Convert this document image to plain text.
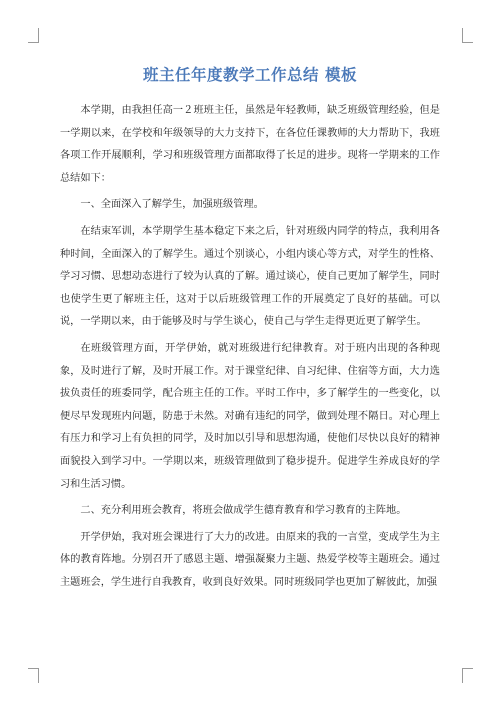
班主任年度教学工作总结 模板

本学期，由我担任高一２班班主任，虽然是年轻教师，缺乏班级管理经验，但是一学期以来，在学校和年级领导的大力支持下，在各位任课教师的大力帮助下，我班各项工作开展顺利，学习和班级管理方面都取得了长足的进步。现将一学期来的工作总结如下：

一、全面深入了解学生，加强班级管理。

在结束军训，本学期学生基本稳定下来之后，针对班级内同学的特点，我利用各种时间，全面深入的了解学生。通过个别谈心，小组内谈心等方式，对学生的性格、学习习惯、思想动态进行了较为认真的了解。通过谈心，使自己更加了解学生，同时也使学生更了解班主任，这对于以后班级管理工作的开展奠定了良好的基础。可以说，一学期以来，由于能够及时与学生谈心，使自己与学生走得更近更了解学生。

在班级管理方面，开学伊始，就对班级进行纪律教育。对于班内出现的各种现象，及时进行了解，及时开展工作。对于课堂纪律、自习纪律、住宿等方面，大力选拔负责任的班委同学，配合班主任的工作。平时工作中，多了解学生的一些变化，以便尽早发现班内问题，防患于未然。对确有违纪的同学，做到处理不隔日。对心理上有压力和学习上有负担的同学，及时加以引导和思想沟通，使他们尽快以良好的精神面貌投入到学习中。一学期以来，班级管理做到了稳步提升。促进学生养成良好的学习和生活习惯。

二、充分利用班会教育，将班会做成学生德育教育和学习教育的主阵地。

开学伊始，我对班会课进行了大力的改进。由原来的我的一言堂，变成学生为主体的教育阵地。分别召开了感恩主题、增强凝聚力主题、热爱学校等主题班会。通过主题班会，学生进行自我教育，收到良好效果。同时班级同学也更加了解彼此，加强
